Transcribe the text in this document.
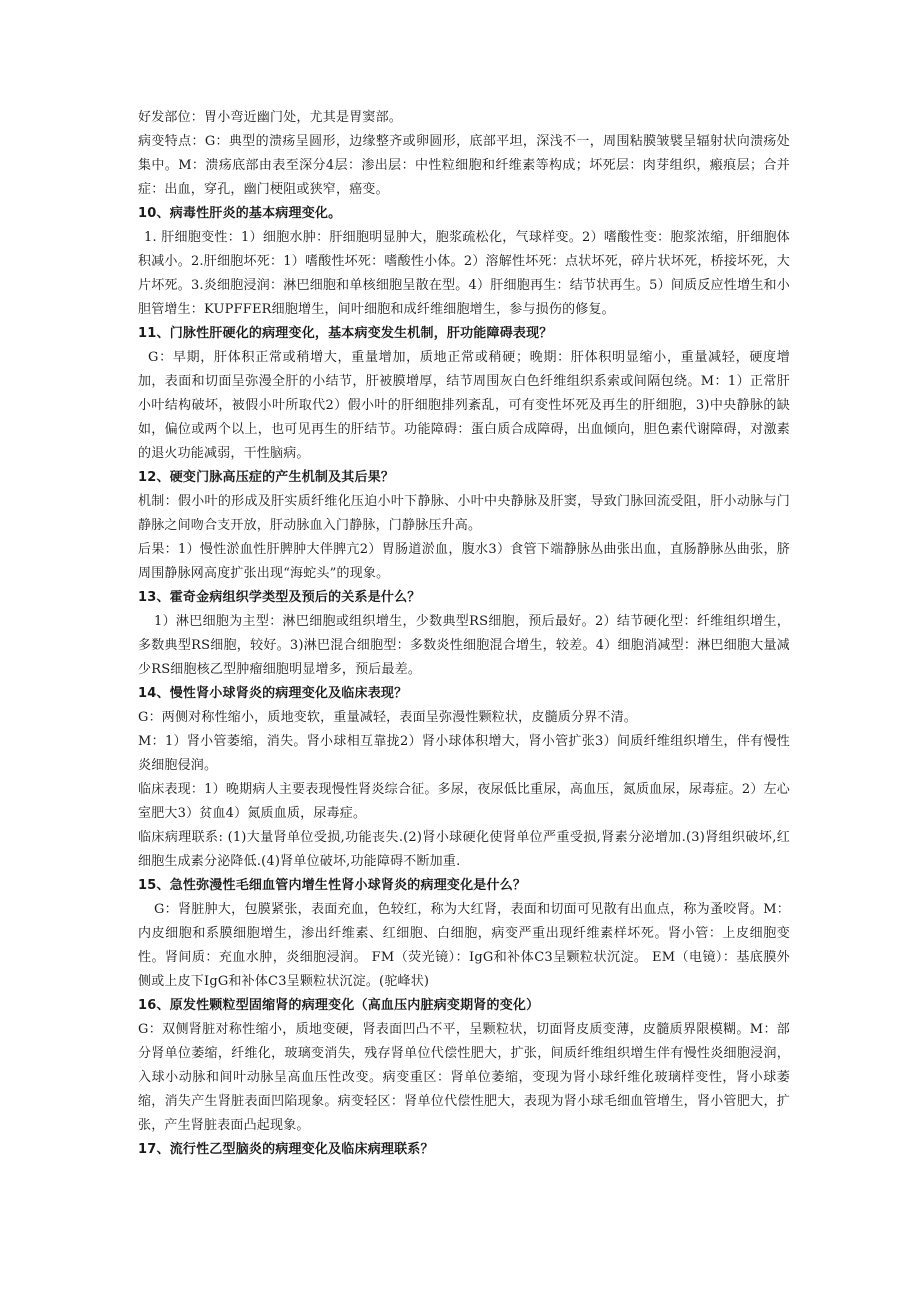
好发部位：胃小弯近幽门处，尤其是胃窦部。

病变特点：G：典型的溃疡呈圆形，边缘整齐或卵圆形，底部平坦，深浅不一，周围粘膜皱襞呈辐射状向溃疡处集中。M：溃疡底部由表至深分4层：渗出层：中性粒细胞和纤维素等构成；坏死层：肉芽组织，瘢痕层；合并症：出血，穿孔，幽门梗阻或狭窄，癌变。

10、病毒性肝炎的基本病理变化。

1. 肝细胞变性：1）细胞水肿：肝细胞明显肿大，胞浆疏松化，气球样变。2）嗜酸性变：胞浆浓缩，肝细胞体积减小。2.肝细胞坏死：1）嗜酸性坏死：嗜酸性小体。2）溶解性坏死：点状坏死，碎片状坏死，桥接坏死，大片坏死。3.炎细胞浸润：淋巴细胞和单核细胞呈散在型。4）肝细胞再生：结节状再生。5）间质反应性增生和小胆管增生：KUPFFER细胞增生，间叶细胞和成纤维细胞增生，参与损伤的修复。

11、门脉性肝硬化的病理变化，基本病变发生机制，肝功能障碍表现？

G：早期，肝体积正常或稍增大，重量增加，质地正常或稍硬；晚期：肝体积明显缩小，重量减轻，硬度增加，表面和切面呈弥漫全肝的小结节，肝被膜增厚，结节周围灰白色纤维组织系索或间隔包绕。M：1）正常肝小叶结构破坏，被假小叶所取代2）假小叶的肝细胞排列紊乱，可有变性坏死及再生的肝细胞，3)中央静脉的缺如，偏位或两个以上，也可见再生的肝结节。功能障碍：蛋白质合成障碍，出血倾向，胆色素代谢障碍，对激素的退火功能减弱，干性脑病。

12、硬变门脉高压症的产生机制及其后果？

机制：假小叶的形成及肝实质纤维化压迫小叶下静脉、小叶中央静脉及肝窦，导致门脉回流受阻，肝小动脉与门静脉之间吻合支开放，肝动脉血入门静脉，门静脉压升高。

后果：1）慢性淤血性肝脾肿大伴脾亢2）胃肠道淤血，腹水3）食管下端静脉丛曲张出血，直肠静脉丛曲张，脐周围静脉网高度扩张出现“海蛇头”的现象。

13、霍奇金病组织学类型及预后的关系是什么？

1）淋巴细胞为主型：淋巴细胞或组织增生，少数典型RS细胞，预后最好。2）结节硬化型：纤维组织增生，多数典型RS细胞，较好。3)淋巴混合细胞型：多数炎性细胞混合增生，较差。4）细胞消减型：淋巴细胞大量减少RS细胞核乙型肿瘤细胞明显增多，预后最差。

14、慢性肾小球肾炎的病理变化及临床表现？

G：两侧对称性缩小，质地变软，重量减轻，表面呈弥漫性颗粒状，皮髓质分界不清。

M：1）肾小管萎缩，消失。肾小球相互靠拢2）肾小球体积增大，肾小管扩张3）间质纤维组织增生，伴有慢性炎细胞侵润。

临床表现：1）晚期病人主要表现慢性肾炎综合征。多尿，夜尿低比重尿，高血压，氮质血尿，尿毒症。2）左心室肥大3）贫血4）氮质血质，尿毒症。

临床病理联系: (1)大量肾单位受损,功能丧失.(2)肾小球硬化使肾单位严重受损,肾素分泌增加.(3)肾组织破坏,红细胞生成素分泌降低.(4)肾单位破坏,功能障碍不断加重.

15、急性弥漫性毛细血管内增生性肾小球肾炎的病理变化是什么？

G：肾脏肿大，包膜紧张，表面充血，色较红，称为大红肾，表面和切面可见散有出血点，称为蚤咬肾。M：内皮细胞和系膜细胞增生，渗出纤维素、红细胞、白细胞，病变严重出现纤维素样坏死。肾小管：上皮细胞变性。肾间质：充血水肿，炎细胞浸润。 FM（荧光镜）：IgG和补体C3呈颗粒状沉淀。 EM（电镜）：基底膜外侧或上皮下IgG和补体C3呈颗粒状沉淀。(驼峰状)

16、原发性颗粒型固缩肾的病理变化（高血压内脏病变期肾的变化）

G：双侧肾脏对称性缩小，质地变硬，肾表面凹凸不平，呈颗粒状，切面肾皮质变薄，皮髓质界限模糊。M：部分肾单位萎缩，纤维化，玻璃变消失，残存肾单位代偿性肥大，扩张，间质纤维组织增生伴有慢性炎细胞浸润，入球小动脉和间叶动脉呈高血压性改变。病变重区：肾单位萎缩，变现为肾小球纤维化玻璃样变性，肾小球萎缩，消失产生肾脏表面凹陷现象。病变轻区：肾单位代偿性肥大，表现为肾小球毛细血管增生，肾小管肥大，扩张，产生肾脏表面凸起现象。

17、流行性乙型脑炎的病理变化及临床病理联系？
